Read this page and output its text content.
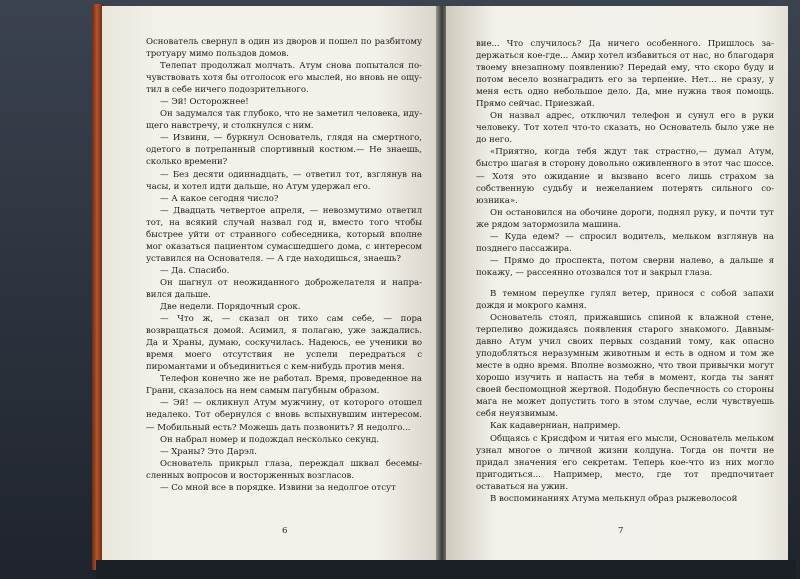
Основатель свернул в один из дворов и пошел по разбитому тротуару мимо польздов домов.

Телепат продолжал молчать. Атум снова попытался почувствовать хотя бы отголосок его мыслей, но вновь не ощутил в себе ничего подозрительного.

— Эй! Осторожнее!

Он задумался так глубоко, что не заметил человека, идущего навстречу, и столкнулся с ним.

— Извини, — буркнул Основатель, глядя на смертного, одетого в потрепанный спортивный костюм.— Не знаешь, сколько времени?

— Без десяти одиннадцать, — ответил тот, взглянув на часы, и хотел идти дальше, но Атум удержал его.

— А какое сегодня число?

— Двадцать четвертое апреля, — невозмутимо ответил тот, на всякий случай назвал год и, вместо того чтобы быстрее уйти от странного собеседника, который вполне мог оказаться пациентом сумасшедшего дома, с интересом уставился на Основателя. — А где находишься, знаешь?

— Да. Спасибо.

Он шагнул от неожиданного доброжелателя и направился дальше.

Две недели. Порядочный срок.

— Что ж, — сказал он тихо сам себе, — пора возвращаться домой. Асимил, я полагаю, уже заждались. Да и Храны, думаю, соскучилась. Надеюсь, ее ученики во время моего отсутствия не успели передраться с пиромантами и объединиться с кем-нибудь против меня.

Телефон конечно же не работал. Время, проведенное на Грани, сказалось на нем самым пагубным образом.

— Эй! — окликнул Атум мужчину, от которого отошел недалеко. Тот обернулся с вновь вспыхнувшим интересом. — Мобильный есть? Можешь дать позвонить? Я недолго...

Он набрал номер и подождал несколько секунд.

— Храны? Это Дарэл.

Основатель прикрыл глаза, переждал шквал бесемысленных вопросов и восторженных возгласов.

— Со мной все в порядке. Извини за недолгое отсут

6

вие... Что случилось? Да ничего особенного. Пришлось задержаться кое-где... Амир хотел избавиться от нас, но благодаря твоему внезапному появлению? Передай ему, что скоро буду и потом весело вознаградить его за терпение. Нет... не сразу, у меня есть одно небольшое дело. Да, мне нужна твоя помощь. Прямо сейчас. Приезжай.

Он назвал адрес, отключил телефон и сунул его в руки человеку. Тот хотел что-то сказать, но Основатель было уже не до него.

«Приятно, когда тебя ждут так страстно,— думал Атум, быстро шагая в сторону довольно оживленного в этот час шоссе.— Хотя это ожидание и вызвано всего лишь страхом за собственную судьбу и нежеланием потерять сильного союзника».

Он остановился на обочине дороги, поднял руку, и почти тут же рядом затормозила машина.

— Куда едем? — спросил водитель, мельком взглянув на позднего пассажира.

— Прямо до проспекта, потом сверни налево, а дальше я покажу, — рассеянно отозвался тот и закрыл глаза.

В темном переулке гулял ветер, принося с собой запахи дождя и мокрого камня.

Основатель стоял, прижавшись спиной к влажной стене, терпеливо дожидаясь появления старого знакомого. Давным-давно Атум учил своих первых созданий тому, как опасно уподобляться неразумным животным и есть в одном и том же месте в одно время. Вполне возможно, что твои привычки могут хорошо изучить и напасть на тебя в момент, когда ты занят своей беспомощной жертвой. Подобную беспечность со стороны мага не может допустить того в этом случае, если чувствуешь себя неуязвимым.

Как кадаверниан, например.

Общаясь с Крисдфом и читая его мысли, Основатель мельком узнал многое о личной жизни колдуна. Тогда он почти не придал значения его секретам. Теперь кое-что из них могло пригодиться... Например, место, где тот предпочитает оставаться на ужин.

В воспоминаниях Атума мелькнул образ рыжеволосой

7
